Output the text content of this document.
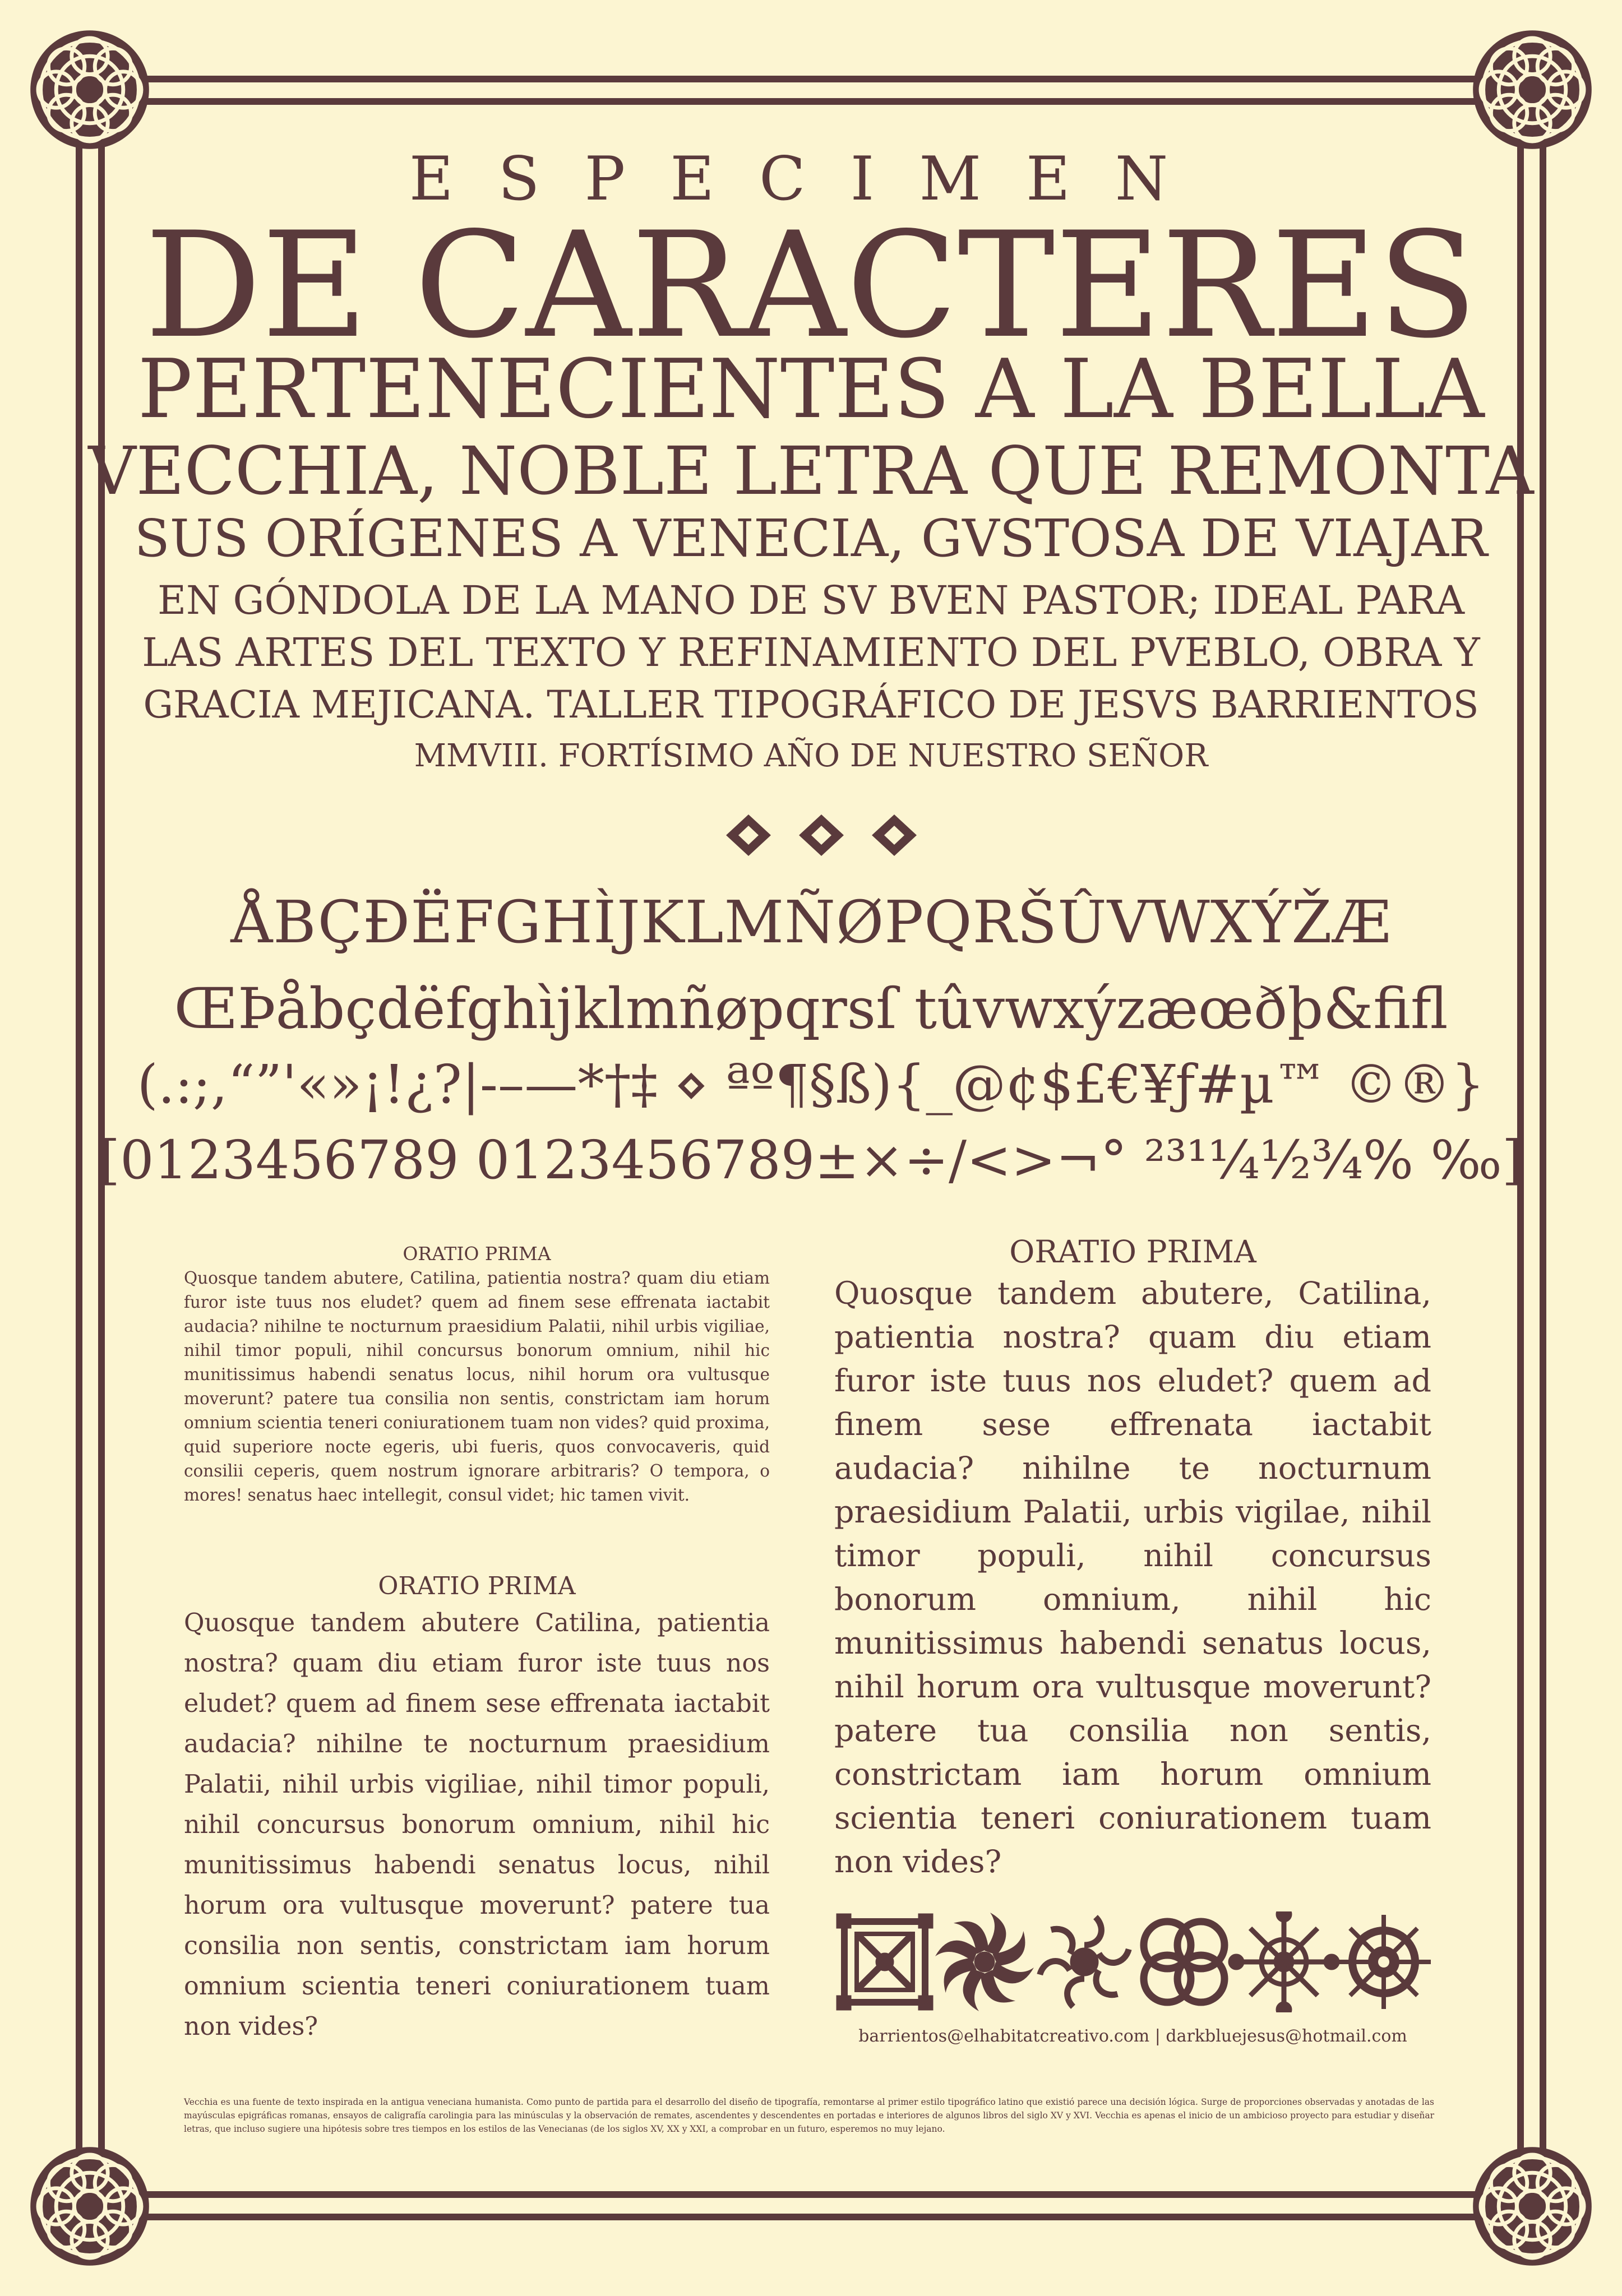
ESPECIMEN
DE CARACTERES
PERTENECIENTES A LA BELLA
VECCHIA, NOBLE LETRA QUE REMONTA
SUS ORÍGENES A VENECIA, GVSTOSA DE VIAJAR
EN GÓNDOLA DE LA MANO DE SV BVEN PASTOR; IDEAL PARA
LAS ARTES DEL TEXTO Y REFINAMIENTO DEL PVEBLO, OBRA Y
GRACIA MEJICANA. TALLER TIPOGRÁFICO DE JESVS BARRIENTOS
MMVIII. FORTÍSIMO AÑO DE NUESTRO SEÑOR
ÅBÇĐËFGHÌJKLMÑØPQRŠÛVWXÝŽÆ
ŒÞåbçdëfghìjklmñøpqrsſ tûvwxýzæœðþ&ﬁﬂ
(.:;,“”'«»¡!¿?|‑–—*†‡ ⋄ ªº¶§ß){_@¢$£€¥ƒ#µ™ ©®}
[0123456789 0123456789±×÷/<>¬° ²³¹¼½¾% ‰]
ORATIO PRIMA
Quosque tandem abutere, Catilina, patientia nostra? quam diu etiam furor iste tuus nos eludet? quem ad finem sese effrenata iactabit audacia? nihilne te nocturnum praesidium Palatii, nihil urbis vigiliae, nihil timor populi, nihil concursus bonorum omnium, nihil hic munitissimus habendi senatus locus, nihil horum ora vultusque moverunt? patere tua consilia non sentis, constrictam iam horum omnium scientia teneri coniurationem tuam non vides? quid proxima, quid superiore nocte egeris, ubi fueris, quos convocaveris, quid consilii ceperis, quem nostrum ignorare arbitraris? O tempora, o mores! senatus haec intellegit, consul videt; hic tamen vivit.
ORATIO PRIMA
Quosque tandem abutere Catilina, patientia nostra? quam diu etiam furor iste tuus nos eludet? quem ad finem sese effrenata iactabit audacia? nihilne te nocturnum praesidium Palatii, nihil urbis vigiliae, nihil timor populi, nihil concursus bonorum omnium, nihil hic munitissimus habendi senatus locus, nihil horum ora vultusque moverunt? patere tua consilia non sentis, constrictam iam horum omnium scientia teneri coniurationem tuam non vides?
ORATIO PRIMA
Quosque tandem abutere, Catilina, patientia nostra? quam diu etiam furor iste tuus nos eludet? quem ad finem sese effrenata iactabit audacia? nihilne te nocturnum praesidium Palatii, urbis vigilae, nihil timor populi, nihil concursus bonorum omnium, nihil hic munitissimus habendi senatus locus, nihil horum ora vultusque moverunt? patere tua consilia non sentis, constrictam iam horum omnium scientia teneri coniurationem tuam non vides?
barrientos@elhabitatcreativo.com | darkbluejesus@hotmail.com
Vecchia es una fuente de texto inspirada en la antigua veneciana humanista. Como punto de partida para el desarrollo del diseño de tipografía, remontarse al primer estilo tipográfico latino que existió parece una decisión lógica. Surge de proporciones observadas y anotadas de las mayúsculas epigráficas romanas, ensayos de caligrafía carolingia para las minúsculas y la observación de remates, ascendentes y descendentes en portadas e interiores de algunos libros del siglo XV y XVI. Vecchia es apenas el inicio de un ambicioso proyecto para estudiar y diseñar letras, que incluso sugiere una hipótesis sobre tres tiempos en los estilos de las Venecianas (de los siglos XV, XX y XXI, a comprobar en un futuro, esperemos no muy lejano.
